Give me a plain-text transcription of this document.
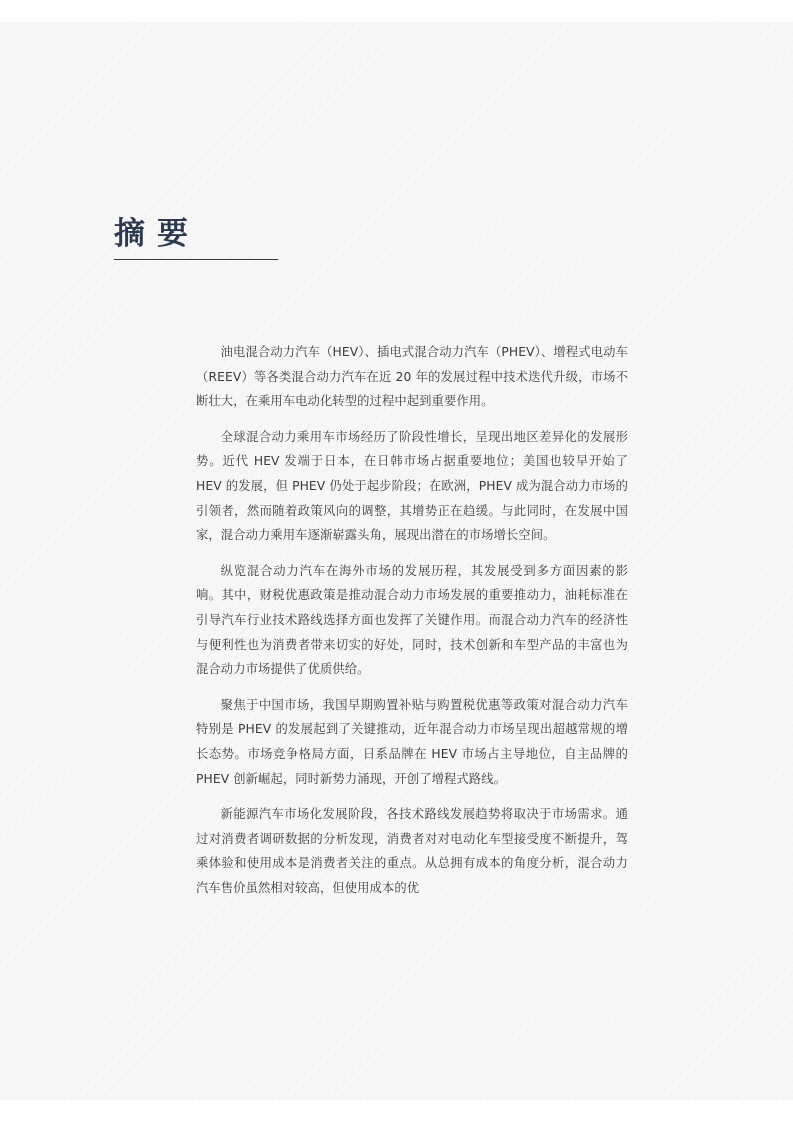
摘要

油电混合动力汽车（HEV）、插电式混合动力汽车（PHEV）、增程式电动车（REEV）等各类混合动力汽车在近 20 年的发展过程中技术迭代升级，市场不断壮大，在乘用车电动化转型的过程中起到重要作用。

全球混合动力乘用车市场经历了阶段性增长，呈现出地区差异化的发展形势。近代 HEV 发端于日本，在日韩市场占据重要地位；美国也较早开始了 HEV 的发展，但 PHEV 仍处于起步阶段；在欧洲，PHEV 成为混合动力市场的引领者，然而随着政策风向的调整，其增势正在趋缓。与此同时，在发展中国家，混合动力乘用车逐渐崭露头角，展现出潜在的市场增长空间。

纵览混合动力汽车在海外市场的发展历程，其发展受到多方面因素的影响。其中，财税优惠政策是推动混合动力市场发展的重要推动力，油耗标准在引导汽车行业技术路线选择方面也发挥了关键作用。而混合动力汽车的经济性与便利性也为消费者带来切实的好处，同时，技术创新和车型产品的丰富也为混合动力市场提供了优质供给。

聚焦于中国市场，我国早期购置补贴与购置税优惠等政策对混合动力汽车特别是 PHEV 的发展起到了关键推动，近年混合动力市场呈现出超越常规的增长态势。市场竞争格局方面，日系品牌在 HEV 市场占主导地位，自主品牌的 PHEV 创新崛起，同时新势力涌现，开创了增程式路线。

新能源汽车市场化发展阶段，各技术路线发展趋势将取决于市场需求。通过对消费者调研数据的分析发现，消费者对对电动化车型接受度不断提升，驾乘体验和使用成本是消费者关注的重点。从总拥有成本的角度分析，混合动力汽车售价虽然相对较高，但使用成本的优
